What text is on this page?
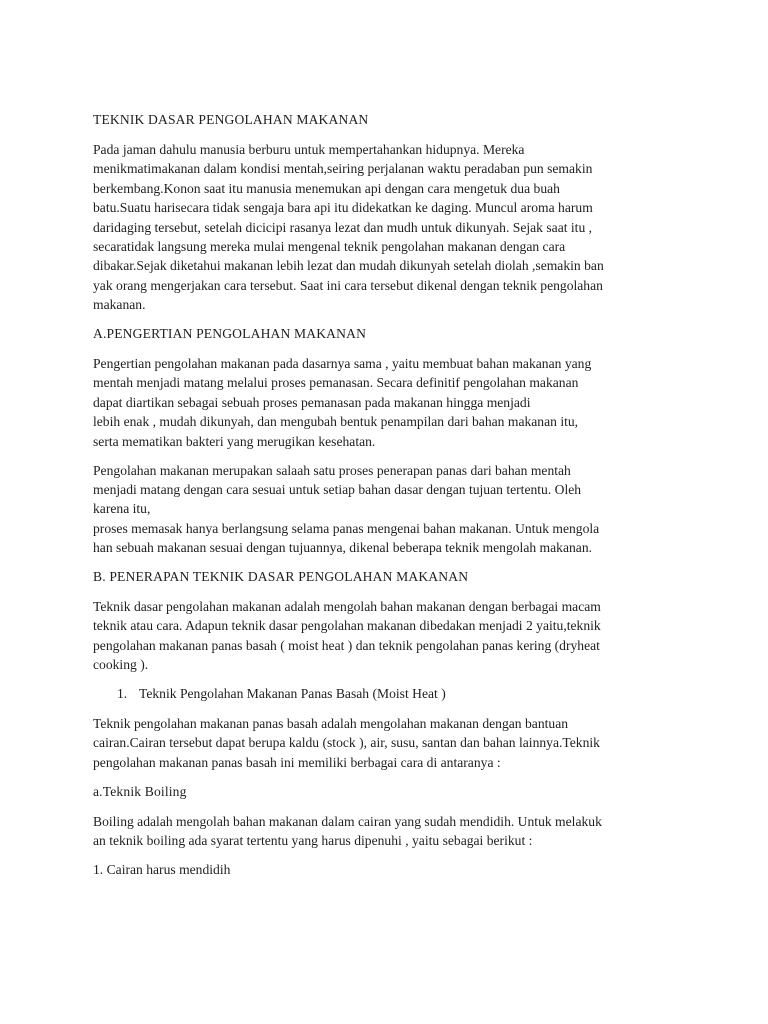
TEKNIK DASAR PENGOLAHAN MAKANAN
Pada jaman dahulu manusia berburu untuk mempertahankan hidupnya. Mereka
menikmatimakanan dalam kondisi mentah,seiring perjalanan waktu peradaban pun semakin
berkembang.Konon saat itu manusia menemukan api dengan cara mengetuk dua buah
batu.Suatu harisecara tidak sengaja bara api itu didekatkan ke daging. Muncul aroma harum
daridaging tersebut, setelah dicicipi rasanya lezat dan mudh untuk dikunyah. Sejak saat itu ,
secaratidak langsung mereka mulai mengenal teknik pengolahan makanan dengan cara
dibakar.Sejak diketahui makanan lebih lezat dan mudah dikunyah setelah diolah ,semakin ban
yak orang mengerjakan cara tersebut. Saat ini cara tersebut dikenal dengan teknik pengolahan
makanan.
A.PENGERTIAN PENGOLAHAN MAKANAN
Pengertian pengolahan makanan pada dasarnya sama , yaitu membuat bahan makanan yang
mentah menjadi matang melalui proses pemanasan. Secara definitif pengolahan makanan
dapat diartikan sebagai sebuah proses pemanasan pada makanan hingga menjadi
lebih enak , mudah dikunyah, dan mengubah bentuk penampilan dari bahan makanan itu,
serta mematikan bakteri yang merugikan kesehatan.
Pengolahan makanan merupakan salaah satu proses penerapan panas dari bahan mentah
menjadi matang dengan cara sesuai untuk setiap bahan dasar dengan tujuan tertentu. Oleh
karena itu,
proses memasak hanya berlangsung selama panas mengenai bahan makanan. Untuk mengola
han sebuah makanan sesuai dengan tujuannya, dikenal beberapa teknik mengolah makanan.
B. PENERAPAN TEKNIK DASAR PENGOLAHAN MAKANAN
Teknik dasar pengolahan makanan adalah mengolah bahan makanan dengan berbagai macam
teknik atau cara. Adapun teknik dasar pengolahan makanan dibedakan menjadi 2 yaitu,teknik
pengolahan makanan panas basah ( moist heat ) dan teknik pengolahan panas kering (dryheat
cooking ).
1. Teknik Pengolahan Makanan Panas Basah (Moist Heat )
Teknik pengolahan makanan panas basah adalah mengolahan makanan dengan bantuan
cairan.Cairan tersebut dapat berupa kaldu (stock ), air, susu, santan dan bahan lainnya.Teknik
pengolahan makanan panas basah ini memiliki berbagai cara di antaranya :
a.Teknik Boiling
Boiling adalah mengolah bahan makanan dalam cairan yang sudah mendidih. Untuk melakuk
an teknik boiling ada syarat tertentu yang harus dipenuhi , yaitu sebagai berikut :
1. Cairan harus mendidih
